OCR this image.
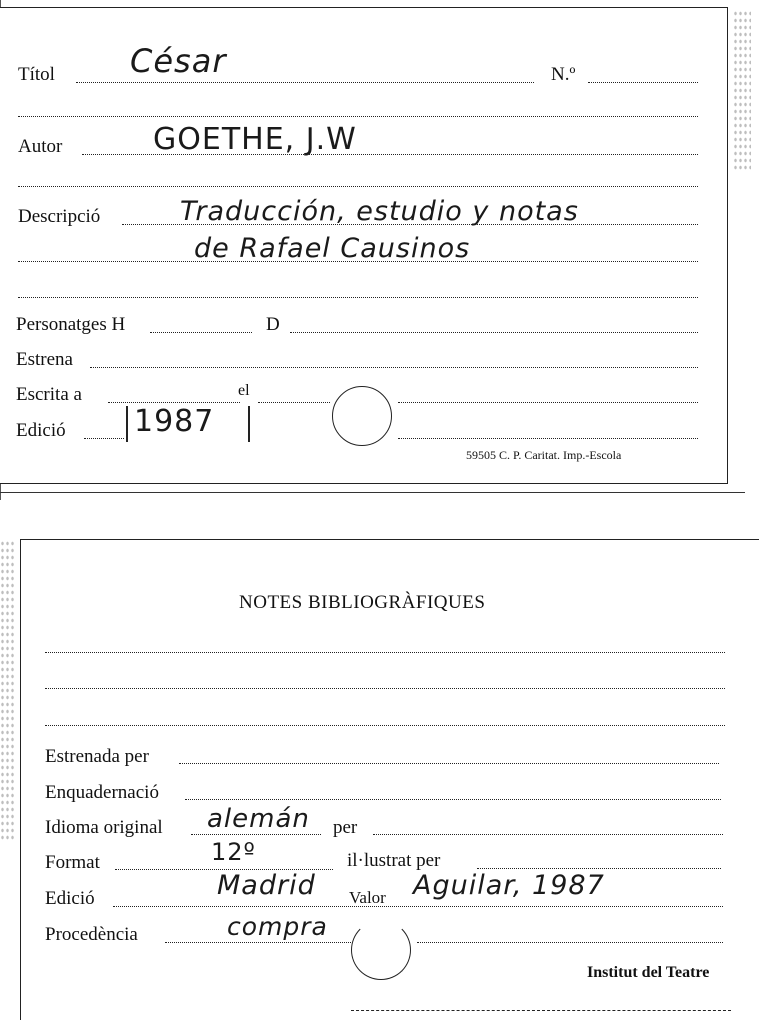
Títol César	N.º
Autor	GOETHE, J.W
Descripció	Traducción, estudio y notas
de Rafael Causinos
Personatges H	D
Estrena
Escrita a	el
Edició 1987
59505 C. P. Caritat. Imp.-Escola
NOTES BIBLIOGRÀFIQUES
Estrenada per
Enquadernació
Idioma original alemán per
Format	12º	il·lustrat per
Edició	Madrid Valor Aguilar, 1987
Procedència	compra
Institut del Teatre
